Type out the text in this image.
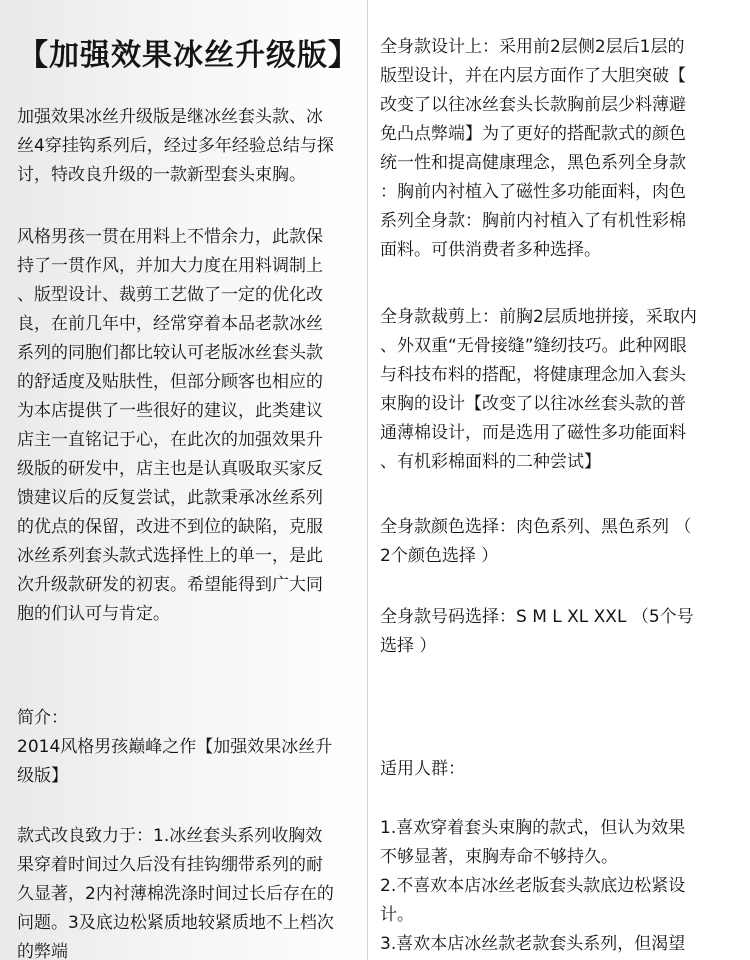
【加强效果冰丝升级版】

加强效果冰丝升级版是继冰丝套头款、冰
丝4穿挂钩系列后，经过多年经验总结与探
讨，特改良升级的一款新型套头束胸。

风格男孩一贯在用料上不惜余力，此款保
持了一贯作风，并加大力度在用料调制上
、版型设计、裁剪工艺做了一定的优化改
良，在前几年中，经常穿着本品老款冰丝
系列的同胞们都比较认可老版冰丝套头款
的舒适度及贴肤性，但部分顾客也相应的
为本店提供了一些很好的建议，此类建议
店主一直铭记于心，在此次的加强效果升
级版的研发中，店主也是认真吸取买家反
馈建议后的反复尝试，此款秉承冰丝系列
的优点的保留，改进不到位的缺陷，克服
冰丝系列套头款式选择性上的单一，是此
次升级款研发的初衷。希望能得到广大同
胞的们认可与肯定。

简介：
2014风格男孩巅峰之作【加强效果冰丝升
级版】

款式改良致力于：1.冰丝套头系列收胸效
果穿着时间过久后没有挂钩绷带系列的耐
久显著，2内衬薄棉洗涤时间过长后存在的
问题。3及底边松紧质地较紧质地不上档次
的弊端

全身款设计上：采用前2层侧2层后1层的
版型设计，并在内层方面作了大胆突破【
改变了以往冰丝套头长款胸前层少料薄避
免凸点弊端】为了更好的搭配款式的颜色
统一性和提高健康理念，黑色系列全身款
：胸前内衬植入了磁性多功能面料，肉色
系列全身款：胸前内衬植入了有机性彩棉
面料。可供消费者多种选择。

全身款裁剪上：前胸2层质地拼接，采取内
、外双重“无骨接缝”缝纫技巧。此种网眼
与科技布料的搭配，将健康理念加入套头
束胸的设计【改变了以往冰丝套头款的普
通薄棉设计，而是选用了磁性多功能面料
、有机彩棉面料的二种尝试】

全身款颜色选择：肉色系列、黑色系列 （
2个颜色选择 ）

全身款号码选择：S M L XL XXL （5个号
选择 ）

适用人群：

1.喜欢穿着套头束胸的款式，但认为效果
不够显著，束胸寿命不够持久。
2.不喜欢本店冰丝老版套头款底边松紧设
计。
3.喜欢本店冰丝款老款套头系列，但渴望
